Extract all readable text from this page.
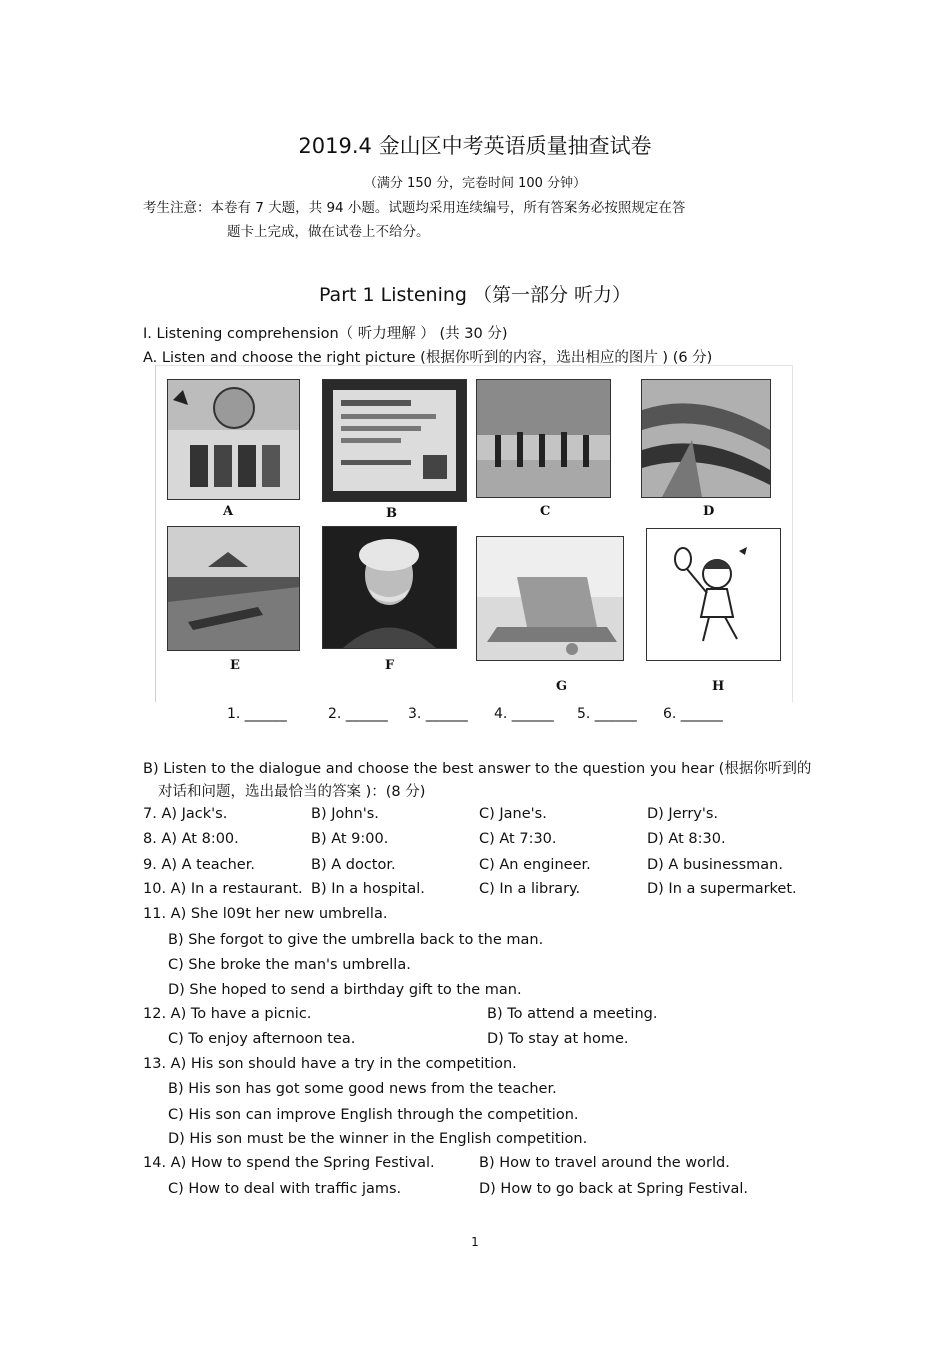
2019.4 金山区中考英语质量抽查试卷
（满分 150 分，完卷时间 100 分钟）
考生注意：本卷有 7 大题，共 94 小题。试题均采用连续编号，所有答案务必按照规定在答
题卡上完成，做在试卷上不给分。
Part 1 Listening （第一部分 听力）
I. Listening comprehension（ 听力理解 ） (共 30 分)
A. Listen and choose the right picture (根据你听到的内容，选出相应的图片 ) (6 分)
A	B	C	D
E	F
G	H
1. ______	2. ______ 3. ______ 4. ______ 5. ______ 6. ______
B) Listen to the dialogue and choose the best answer to the question you hear (根据你听到的
对话和问题，选出最恰当的答案 )：(8 分)
7. A) Jack's.	B) John's.	C) Jane's.	D) Jerry's.
8. A) At 8:00.	B) At 9:00.	C) At 7:30.	D) At 8:30.
9. A) A teacher.	B) A doctor.	C) An engineer.	D) A businessman.
10. A) In a restaurant. B) In a hospital.	C) In a library.	D) In a supermarket.
11. A) She l09t her new umbrella.
B) She forgot to give the umbrella back to the man.
C) She broke the man's umbrella.
D) She hoped to send a birthday gift to the man.
12. A) To have a picnic.	B) To attend a meeting.
C) To enjoy afternoon tea.	D) To stay at home.
13. A) His son should have a try in the competition.
B) His son has got some good news from the teacher.
C) His son can improve English through the competition.
D) His son must be the winner in the English competition.
14. A) How to spend the Spring Festival.	B) How to travel around the world.
C) How to deal with traffic jams.	D) How to go back at Spring Festival.
1
